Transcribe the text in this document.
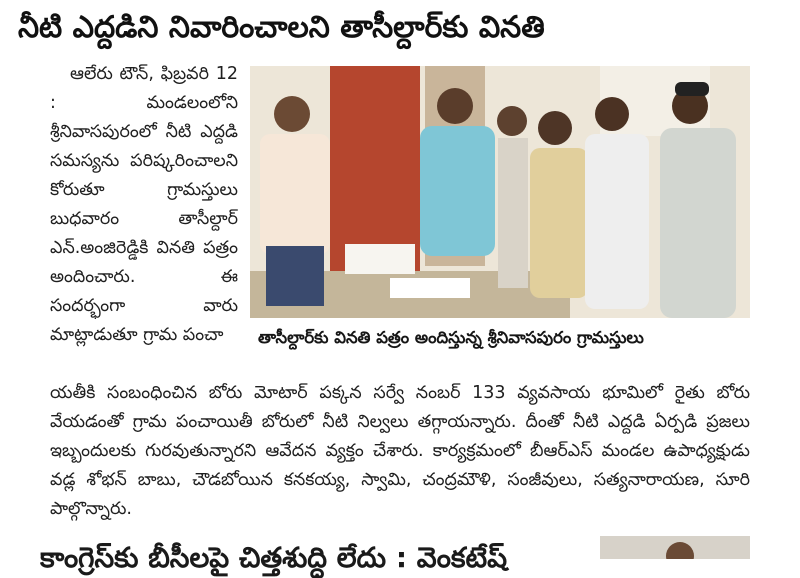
నీటి ఎద్దడిని నివారించాలని తాసీల్దార్‌కు వినతి

ఆలేరు టౌన్‌, ఫిబ్రవరి 12 : మండలంలోని శ్రీనివాసపురంలో నీటి ఎద్దడి సమస్యను పరిష్కరించాలని కోరుతూ గ్రామస్తులు బుధవారం తాసీల్దార్‌ ఎన్‌.అంజిరెడ్డికి వినతి పత్రం అందించారు. ఈ సందర్భంగా వారు మాట్లాడుతూ గ్రామ పంచా	తాసీల్దార్‌కు వినతి పత్రం అందిస్తున్న శ్రీనివాసపురం గ్రామస్తులు

యతీకి సంబంధించిన బోరు మోటార్‌ పక్కన సర్వే నంబర్‌ 133 వ్యవసాయ భూమిలో రైతు బోరు వేయడంతో గ్రామ పంచాయితీ బోరులో నీటి నిల్వలు తగ్గాయన్నారు. దీంతో నీటి ఎద్దడి ఏర్పడి ప్రజలు ఇబ్బందులకు గురవుతున్నారని ఆవేదన వ్యక్తం చేశారు. కార్యక్రమంలో బీఆర్‌ఎస్‌ మండల ఉపాధ్యక్షుడు వడ్ల శోభన్‌ బాబు, చౌడబోయిన కనకయ్య, స్వామి, చంద్రమౌళి, సంజీవులు, సత్యనారాయణ, సూరి పాల్గొన్నారు.

కాంగ్రెస్‌కు బీసీలపై చిత్తశుద్ధి లేదు : వెంకటేష్‌
